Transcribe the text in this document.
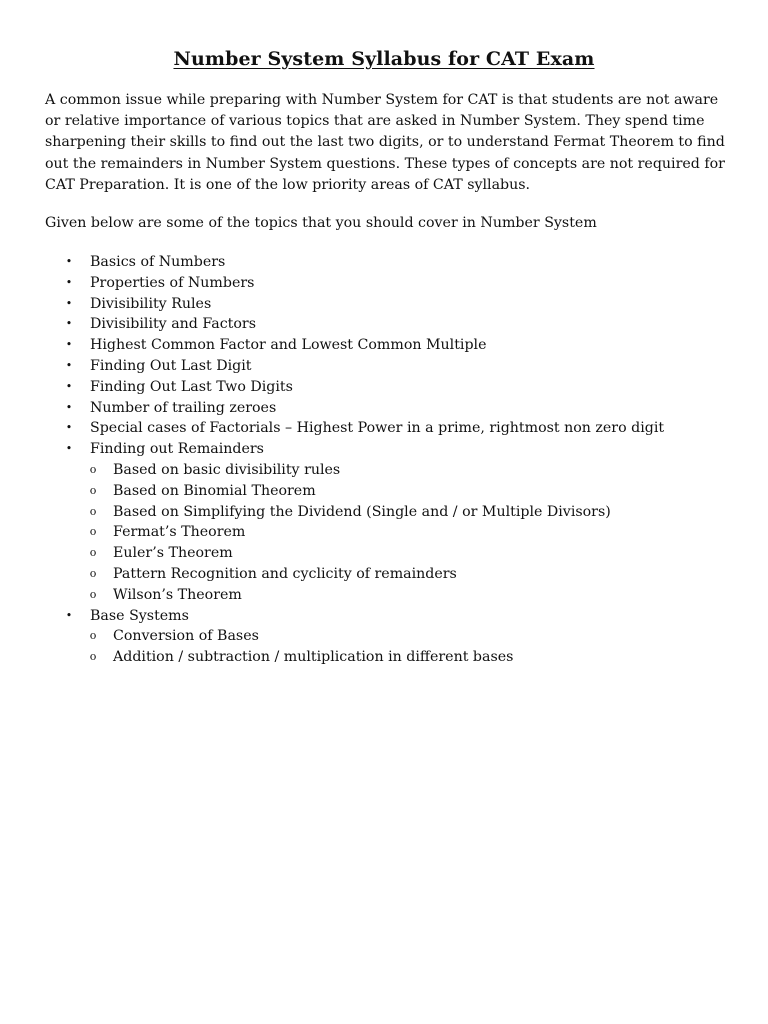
Number System Syllabus for CAT Exam

A common issue while preparing with Number System for CAT is that students are not aware or relative importance of various topics that are asked in Number System. They spend time sharpening their skills to find out the last two digits, or to understand Fermat Theorem to find out the remainders in Number System questions. These types of concepts are not required for CAT Preparation. It is one of the low priority areas of CAT syllabus.

Given below are some of the topics that you should cover in Number System

• Basics of Numbers
• Properties of Numbers
• Divisibility Rules
• Divisibility and Factors
• Highest Common Factor and Lowest Common Multiple
• Finding Out Last Digit
• Finding Out Last Two Digits
• Number of trailing zeroes
• Special cases of Factorials – Highest Power in a prime, rightmost non zero digit
• Finding out Remainders
o Based on basic divisibility rules
o Based on Binomial Theorem
o Based on Simplifying the Dividend (Single and / or Multiple Divisors)
o Fermat’s Theorem
o Euler’s Theorem
o Pattern Recognition and cyclicity of remainders
o Wilson’s Theorem
• Base Systems
o Conversion of Bases
o Addition / subtraction / multiplication in different bases
